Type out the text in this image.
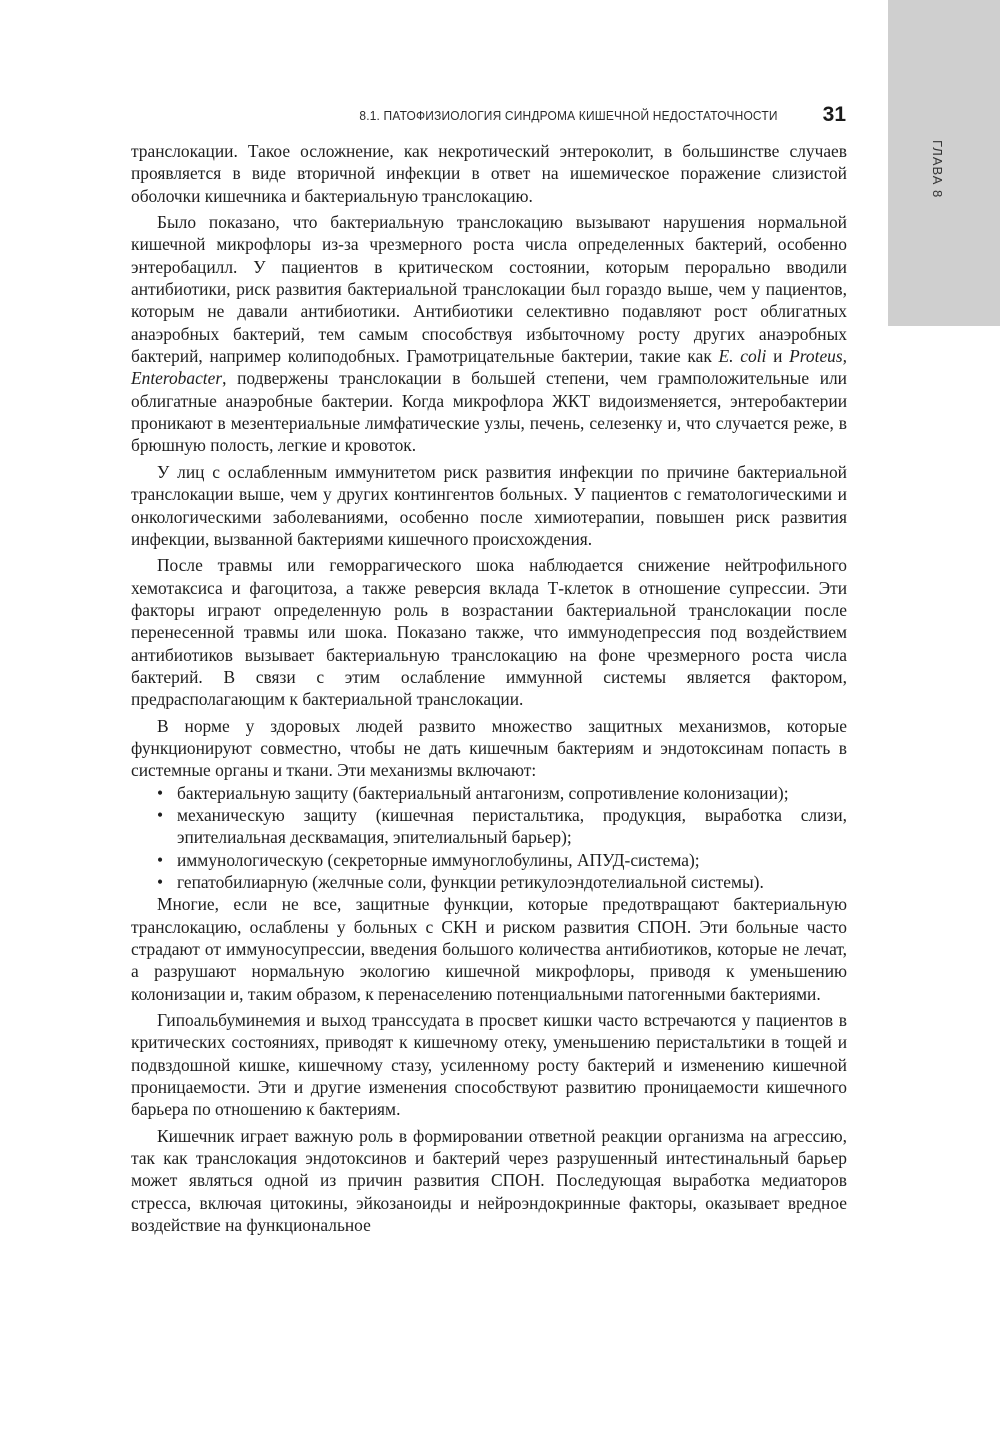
ГЛАВА 8
8.1. ПАТОФИЗИОЛОГИЯ СИНДРОМА КИШЕЧНОЙ НЕДОСТАТОЧНОСТИ 31

транслокации. Такое осложнение, как некротический энтероколит, в большинстве случаев проявляется в виде вторичной инфекции в ответ на ишемическое поражение слизистой оболочки кишечника и бактериальную транслокацию.

Было показано, что бактериальную транслокацию вызывают нарушения нормальной кишечной микрофлоры из-за чрезмерного роста числа определенных бактерий, особенно энтеробацилл. У пациентов в критическом состоянии, которым перорально вводили антибиотики, риск развития бактериальной транслокации был гораздо выше, чем у пациентов, которым не давали антибиотики. Антибиотики селективно подавляют рост облигатных анаэробных бактерий, тем самым способствуя избыточному росту других анаэробных бактерий, например колиподобных. Грамотрицательные бактерии, такие как E. coli и Proteus, Enterobacter, подвержены транслокации в большей степени, чем грамположительные или облигатные анаэробные бактерии. Когда микрофлора ЖКТ видоизменяется, энтеробактерии проникают в мезентериальные лимфатические узлы, печень, селезенку и, что случается реже, в брюшную полость, легкие и кровоток.

У лиц с ослабленным иммунитетом риск развития инфекции по причине бактериальной транслокации выше, чем у других контингентов больных. У пациентов с гематологическими и онкологическими заболеваниями, особенно после химиотерапии, повышен риск развития инфекции, вызванной бактериями кишечного происхождения.

После травмы или геморрагического шока наблюдается снижение нейтрофильного хемотаксиса и фагоцитоза, а также реверсия вклада Т-клеток в отношение супрессии. Эти факторы играют определенную роль в возрастании бактериальной транслокации после перенесенной травмы или шока. Показано также, что иммунодепрессия под воздействием антибиотиков вызывает бактериальную транслокацию на фоне чрезмерного роста числа бактерий. В связи с этим ослабление иммунной системы является фактором, предрасполагающим к бактериальной транслокации.

В норме у здоровых людей развито множество защитных механизмов, которые функционируют совместно, чтобы не дать кишечным бактериям и эндотоксинам попасть в системные органы и ткани. Эти механизмы включают:

• бактериальную защиту (бактериальный антагонизм, сопротивление колонизации);
• механическую защиту (кишечная перистальтика, продукция, выработка слизи, эпителиальная десквамация, эпителиальный барьер);
• иммунологическую (секреторные иммуноглобулины, АПУД-система);
• гепатобилиарную (желчные соли, функции ретикулоэндотелиальной системы).

Многие, если не все, защитные функции, которые предотвращают бактериальную транслокацию, ослаблены у больных с СКН и риском развития СПОН. Эти больные часто страдают от иммуносупрессии, введения большого количества антибиотиков, которые не лечат, а разрушают нормальную экологию кишечной микрофлоры, приводя к уменьшению колонизации и, таким образом, к перенаселению потенциальными патогенными бактериями.

Гипоальбуминемия и выход транссудата в просвет кишки часто встречаются у пациентов в критических состояниях, приводят к кишечному отеку, уменьшению перистальтики в тощей и подвздошной кишке, кишечному стазу, усиленному росту бактерий и изменению кишечной проницаемости. Эти и другие изменения способствуют развитию проницаемости кишечного барьера по отношению к бактериям.

Кишечник играет важную роль в формировании ответной реакции организма на агрессию, так как транслокация эндотоксинов и бактерий через разрушенный интестинальный барьер может являться одной из причин развития СПОН. Последующая выработка медиаторов стресса, включая цитокины, эйкозаноиды и нейроэндокринные факторы, оказывает вредное воздействие на функциональное
